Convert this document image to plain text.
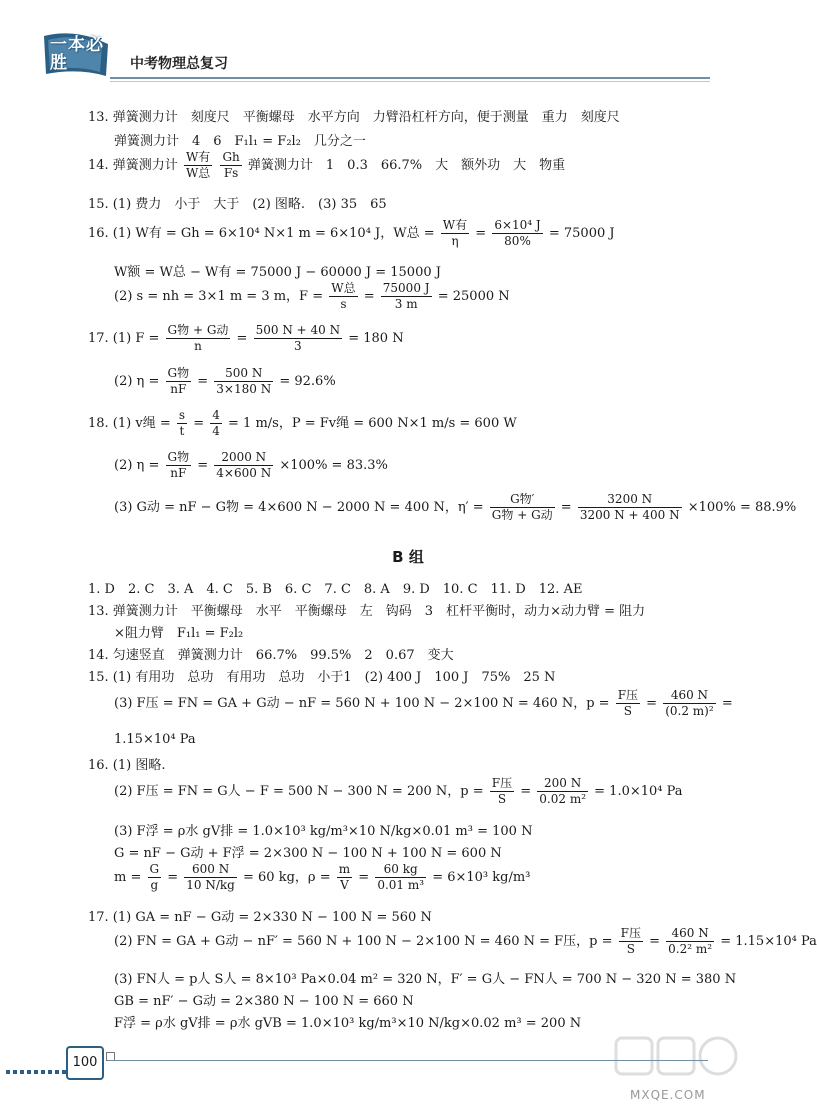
一本必胜	中考物理总复习
13. 弹簧测力计　刻度尺　平衡螺母　水平方向　力臂沿杠杆方向，便于测量　重力　刻度尺
弹簧测力计　4　6　F₁l₁ = F₂l₂　几分之一
14. 弹簧测力计 $\frac{\text{W有}}{\text{W总}}$
$\frac{Gh}{Fs}$ 弹簧测力计　1　0.3　66.7%　大　额外功　大　物重
15. (1) 费力　小于　大于　(2) 图略.　(3) 35　65
16. (1) W有 = Gh = 6×10⁴ N×1 m = 6×10⁴ J，W总 = $\frac{\text{W有}}{\eta} = \frac{\text{6×10⁴ J}}{80\%} = 75000$ J
W额 = W总 − W有 = 75000 J − 60000 J = 15000 J
(2) s = nh = 3×1 m = 3 m，$F = \frac{\text{W总}}{s} = \frac{75000 J}{3 m} = 25000$ N
17. (1) $F = \frac{\text{G物 + G动}}{n} = \frac{500 N + 40 N}{3} = 180$ N
(2) $\eta = \frac{\text{G物}}{nF} = \frac{500 N}{3\times 180 N} = 92.6\%$
18. (1) v绳 = $\frac{s}{t} = \frac{4}{4} = 1$ m/s，P = Fv绳 = 600 N×1 m/s = 600 W
(2) $\eta = \frac{\text{G物}}{nF} = \frac{2000 N}{4\times 600 N} \times 100\% = 83.3\%$
(3) G动 = nF − G物 = 4×600 N − 2000 N = 400 N，$\eta' = \frac{\text{G物′}}{\text{G物 + G动}} = \frac{3200 N}{3200 N + 400 N} \times 100\% = 88.9\%$
B 组
1. D　2. C　3. A　4. C　5. B　6. C　7. C　8. A　9. D　10. C　11. D　12. AE
13. 弹簧测力计　平衡螺母　水平　平衡螺母　左　钩码　3　杠杆平衡时，动力×动力臂 = 阻力
×阻力臂　F₁l₁ = F₂l₂
14. 匀速竖直　弹簧测力计　66.7%　99.5%　2　0.67　变大
15. (1) 有用功　总功　有用功　总功　小于1　(2) 400 J　100 J　75%　25 N
(3) F压 = FN = GA + G动 − nF = 560 N + 100 N − 2×100 N = 460 N，$p = \frac{\text{F压}}{S} = \frac{460 N}{\text{(0.2 m)²}}$ =
1.15×10⁴ Pa
16. (1) 图略.
(2) F压 = FN = G人 − F = 500 N − 300 N = 200 N，$p = \frac{\text{F压}}{S} = \frac{200 N}{\text{0.02 m²}} = 1.0\times 10^4$ Pa
(3) F浮 = ρ水 gV排 = 1.0×10³ kg/m³×10 N/kg×0.01 m³ = 100 N
G = nF − G动 + F浮 = 2×300 N − 100 N + 100 N = 600 N
$m = \frac{G}{g} = \frac{600 N}{10 N/kg} = 60$ kg，$\rho = \frac{m}{V} = \frac{60 kg}{\text{0.01 m³}} = 6\times 10^3$ kg/m³
17. (1) GA = nF − G动 = 2×330 N − 100 N = 560 N
(2) FN = GA + G动 − nF′ = 560 N + 100 N − 2×100 N = 460 N = F压，$p = \frac{\text{F压}}{S} = \frac{460 N}{\text{0.2² m²}} = 1.15\times 10^4$ Pa
(3) FN人 = p人 S人 = 8×10³ Pa×0.04 m² = 320 N，F′ = G人 − FN人 = 700 N − 320 N = 380 N
GB = nF′ − G动 = 2×380 N − 100 N = 660 N
F浮 = ρ水 gV排 = ρ水 gVB = 1.0×10³ kg/m³×10 N/kg×0.02 m³ = 200 N
100
MXQE.COM
